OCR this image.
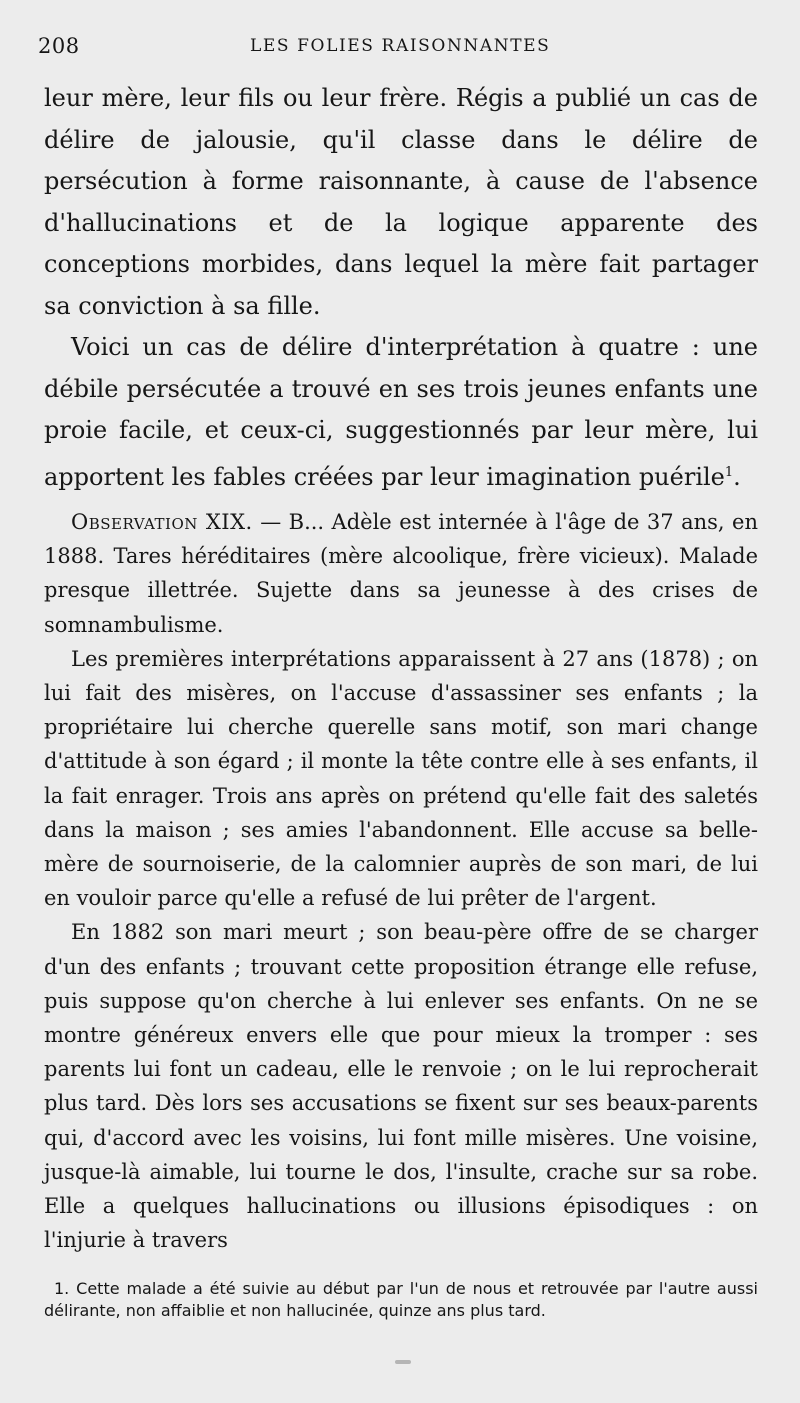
208	LES FOLIES RAISONNANTES

leur mère, leur fils ou leur frère. Régis a publié un cas de délire de jalousie, qu'il classe dans le délire de persécution à forme raisonnante, à cause de l'absence d'hallucinations et de la logique apparente des conceptions morbides, dans lequel la mère fait partager sa conviction à sa fille.

Voici un cas de délire d'interprétation à quatre : une débile persécutée a trouvé en ses trois jeunes enfants une proie facile, et ceux-ci, suggestionnés par leur mère, lui apportent les fables créées par leur imagination puérile$^1$.

Observation XIX. — B... Adèle est internée à l'âge de 37 ans, en 1888. Tares héréditaires (mère alcoolique, frère vicieux). Malade presque illettrée. Sujette dans sa jeunesse à des crises de somnambulisme.

Les premières interprétations apparaissent à 27 ans (1878) ; on lui fait des misères, on l'accuse d'assassiner ses enfants ; la propriétaire lui cherche querelle sans motif, son mari change d'attitude à son égard ; il monte la tête contre elle à ses enfants, il la fait enrager. Trois ans après on prétend qu'elle fait des saletés dans la maison ; ses amies l'abandonnent. Elle accuse sa belle-mère de sournoiserie, de la calomnier auprès de son mari, de lui en vouloir parce qu'elle a refusé de lui prêter de l'argent.

En 1882 son mari meurt ; son beau-père offre de se charger d'un des enfants ; trouvant cette proposition étrange elle refuse, puis suppose qu'on cherche à lui enlever ses enfants. On ne se montre généreux envers elle que pour mieux la tromper : ses parents lui font un cadeau, elle le renvoie ; on le lui reprocherait plus tard. Dès lors ses accusations se fixent sur ses beaux-parents qui, d'accord avec les voisins, lui font mille misères. Une voisine, jusque-là aimable, lui tourne le dos, l'insulte, crache sur sa robe. Elle a quelques hallucinations ou illusions épisodiques : on l'injurie à travers

1. Cette malade a été suivie au début par l'un de nous et retrouvée par l'autre aussi délirante, non affaiblie et non hallucinée, quinze ans plus tard.
